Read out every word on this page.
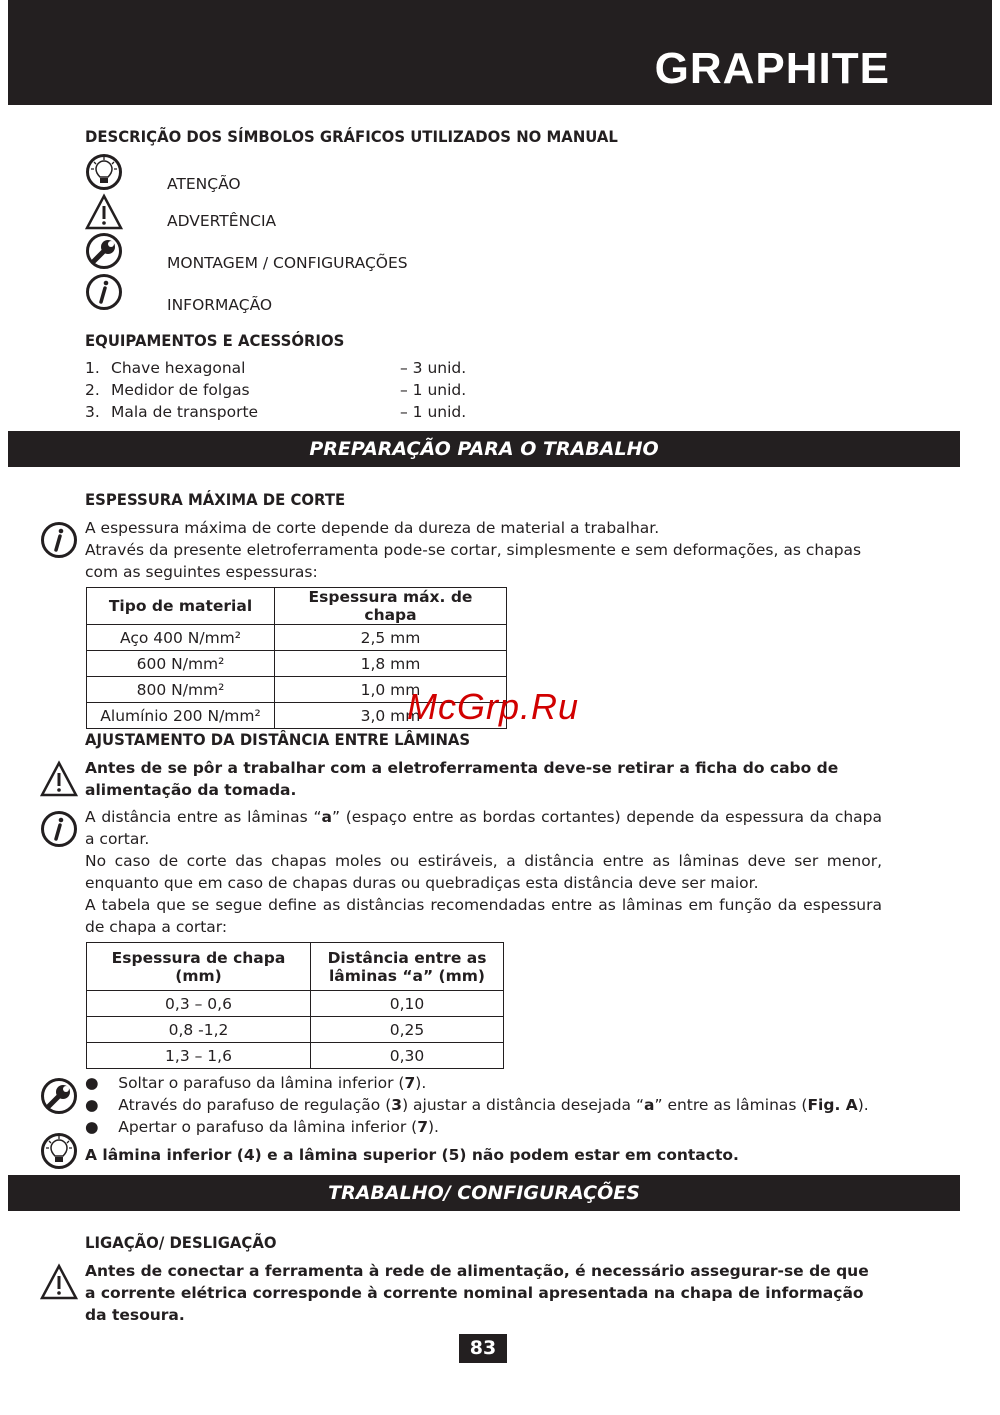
GRAPHITE
DESCRIÇÃO DOS SÍMBOLOS GRÁFICOS UTILIZADOS NO MANUAL
ATENÇÃO
ADVERTÊNCIA
MONTAGEM / CONFIGURAÇÕES
INFORMAÇÃO
EQUIPAMENTOS E ACESSÓRIOS
1. Chave hexagonal	– 3 unid.
2. Medidor de folgas	– 1 unid.
3. Mala de transporte	– 1 unid.
PREPARAÇÃO PARA O TRABALHO
ESPESSURA MÁXIMA DE CORTE
A espessura máxima de corte depende da dureza de material a trabalhar.
Através da presente eletroferramenta pode-se cortar, simplesmente e sem deformações, as chapas com as seguintes espessuras:
Tipo de material	Espessura máx. de chapa
Aço 400 N/mm²	2,5 mm
600 N/mm²	1,8 mm
800 N/mm²	1,0 mm
Alumínio 200 N/mm²	3,0 mm
McGrp.Ru
AJUSTAMENTO DA DISTÂNCIA ENTRE LÂMINAS
Antes de se pôr a trabalhar com a eletroferramenta deve-se retirar a ficha do cabo de alimentação da tomada.
A distância entre as lâminas “a” (espaço entre as bordas cortantes) depende da espessura da chapa a cortar.
No caso de corte das chapas moles ou estiráveis, a distância entre as lâminas deve ser menor, enquanto que em caso de chapas duras ou quebradiças esta distância deve ser maior.
A tabela que se segue define as distâncias recomendadas entre as lâminas em função da espessura de chapa a cortar:
Espessura de chapa (mm)	Distância entre as lâminas “a” (mm)
0,3 – 0,6	0,10
0,8 -1,2	0,25
1,3 – 1,6	0,30
●    Soltar o parafuso da lâmina inferior (7).
●    Através do parafuso de regulação (3) ajustar a distância desejada “a” entre as lâminas (Fig. A).
●    Apertar o parafuso da lâmina inferior (7).
A lâmina inferior (4) e a lâmina superior (5) não podem estar em contacto.
TRABALHO/ CONFIGURAÇÕES
LIGAÇÃO/ DESLIGAÇÃO
Antes de conectar a ferramenta à rede de alimentação, é necessário assegurar-se de que a corrente elétrica corresponde à corrente nominal apresentada na chapa de informação da tesoura.
83
